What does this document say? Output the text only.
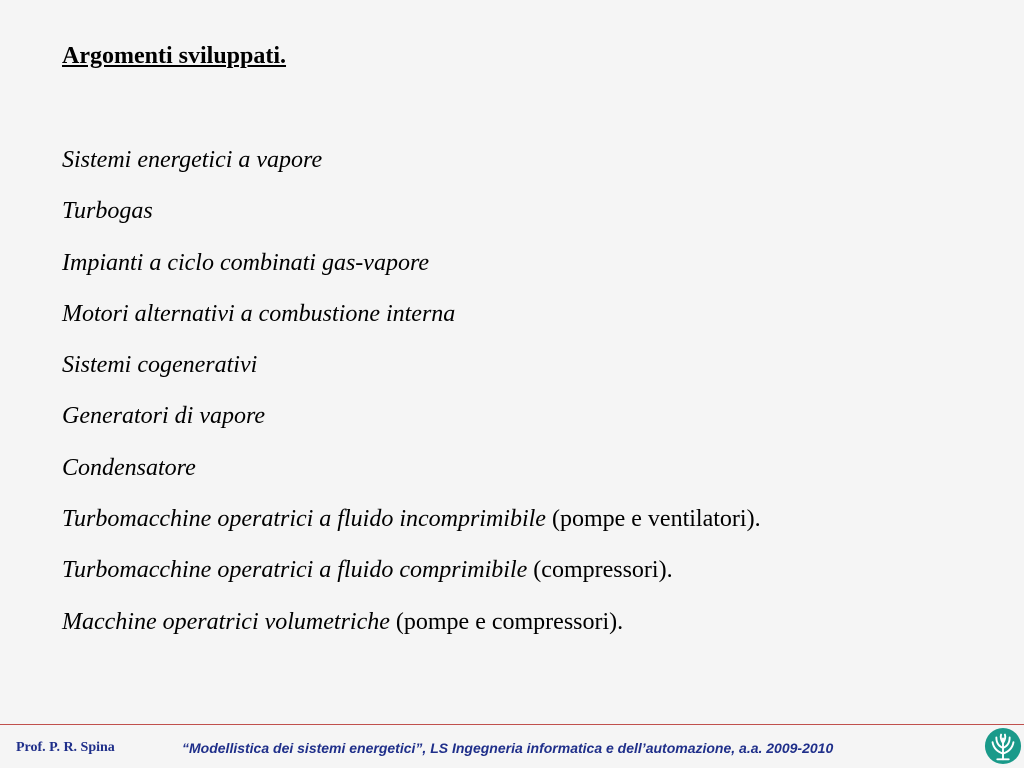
Argomenti sviluppati.
Sistemi energetici a vapore
Turbogas
Impianti a ciclo combinati gas-vapore
Motori alternativi a combustione interna
Sistemi cogenerativi
Generatori di vapore
Condensatore
Turbomacchine operatrici a fluido incomprimibile (pompe e ventilatori).
Turbomacchine operatrici a fluido comprimibile (compressori).
Macchine operatrici volumetriche (pompe e compressori).
Prof. P. R. Spina	“Modellistica dei sistemi energetici”, LS Ingegneria informatica e dell’automazione, a.a. 2009-2010
